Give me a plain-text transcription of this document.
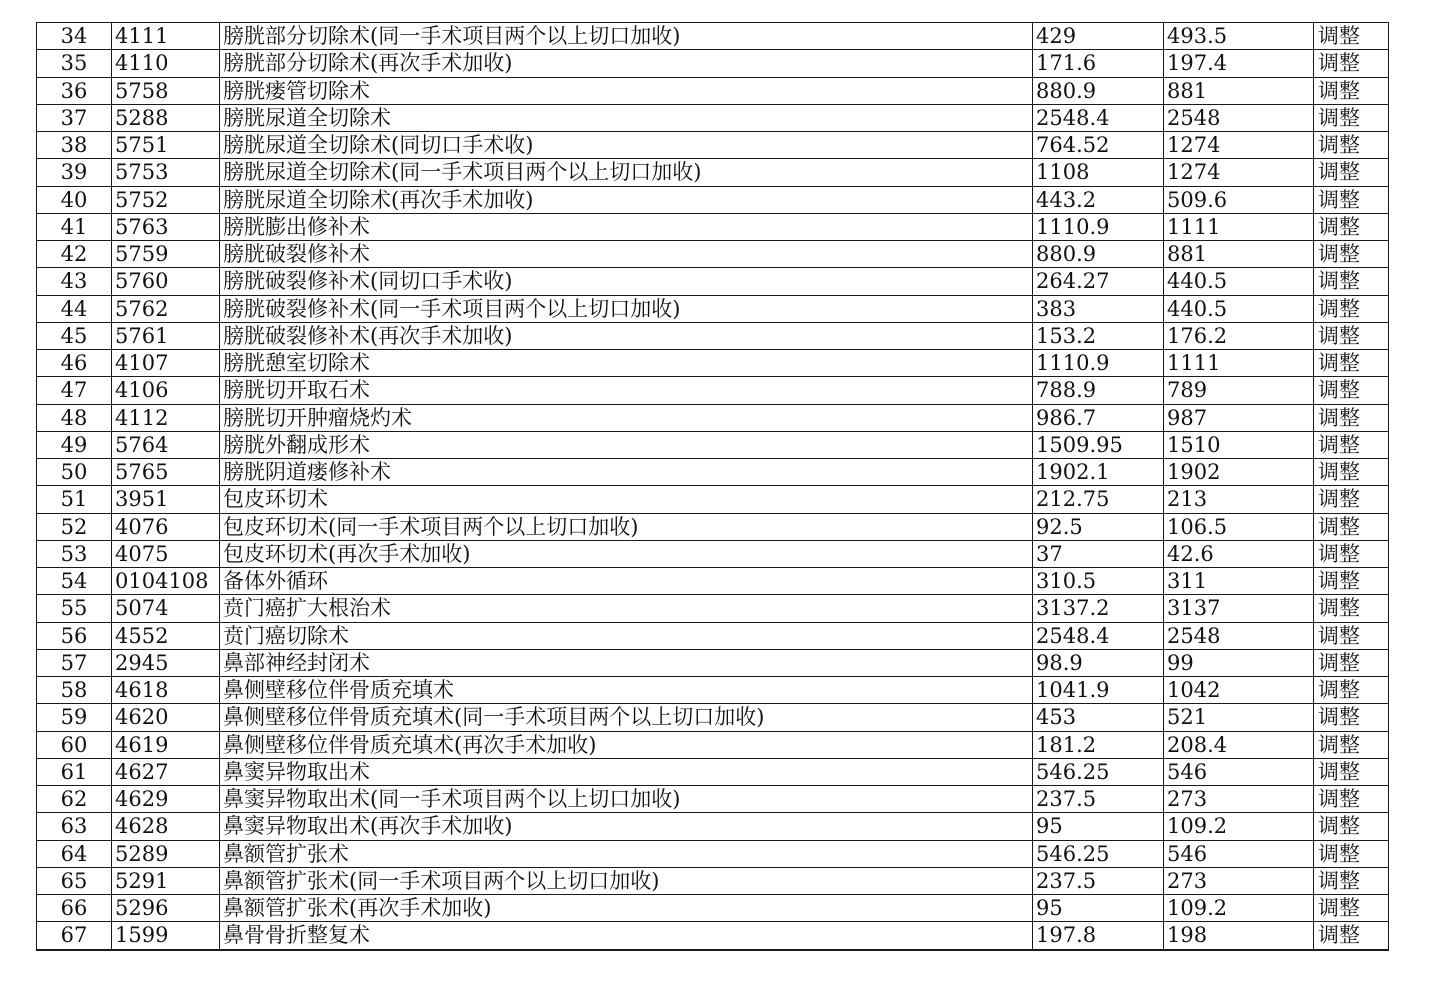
34	4111	膀胱部分切除术(同一手术项目两个以上切口加收)	429	493.5	调整
35	4110	膀胱部分切除术(再次手术加收)	171.6	197.4	调整
36	5758	膀胱瘘管切除术	880.9	881	调整
37	5288	膀胱尿道全切除术	2548.4	2548	调整
38	5751	膀胱尿道全切除术(同切口手术收)	764.52	1274	调整
39	5753	膀胱尿道全切除术(同一手术项目两个以上切口加收)	1108	1274	调整
40	5752	膀胱尿道全切除术(再次手术加收)	443.2	509.6	调整
41	5763	膀胱膨出修补术	1110.9	1111	调整
42	5759	膀胱破裂修补术	880.9	881	调整
43	5760	膀胱破裂修补术(同切口手术收)	264.27	440.5	调整
44	5762	膀胱破裂修补术(同一手术项目两个以上切口加收)	383	440.5	调整
45	5761	膀胱破裂修补术(再次手术加收)	153.2	176.2	调整
46	4107	膀胱憩室切除术	1110.9	1111	调整
47	4106	膀胱切开取石术	788.9	789	调整
48	4112	膀胱切开肿瘤烧灼术	986.7	987	调整
49	5764	膀胱外翻成形术	1509.95	1510	调整
50	5765	膀胱阴道瘘修补术	1902.1	1902	调整
51	3951	包皮环切术	212.75	213	调整
52	4076	包皮环切术(同一手术项目两个以上切口加收)	92.5	106.5	调整
53	4075	包皮环切术(再次手术加收)	37	42.6	调整
54	0104108	备体外循环	310.5	311	调整
55	5074	贲门癌扩大根治术	3137.2	3137	调整
56	4552	贲门癌切除术	2548.4	2548	调整
57	2945	鼻部神经封闭术	98.9	99	调整
58	4618	鼻侧壁移位伴骨质充填术	1041.9	1042	调整
59	4620	鼻侧壁移位伴骨质充填术(同一手术项目两个以上切口加收)	453	521	调整
60	4619	鼻侧壁移位伴骨质充填术(再次手术加收)	181.2	208.4	调整
61	4627	鼻窦异物取出术	546.25	546	调整
62	4629	鼻窦异物取出术(同一手术项目两个以上切口加收)	237.5	273	调整
63	4628	鼻窦异物取出术(再次手术加收)	95	109.2	调整
64	5289	鼻额管扩张术	546.25	546	调整
65	5291	鼻额管扩张术(同一手术项目两个以上切口加收)	237.5	273	调整
66	5296	鼻额管扩张术(再次手术加收)	95	109.2	调整
67	1599	鼻骨骨折整复术	197.8	198	调整
